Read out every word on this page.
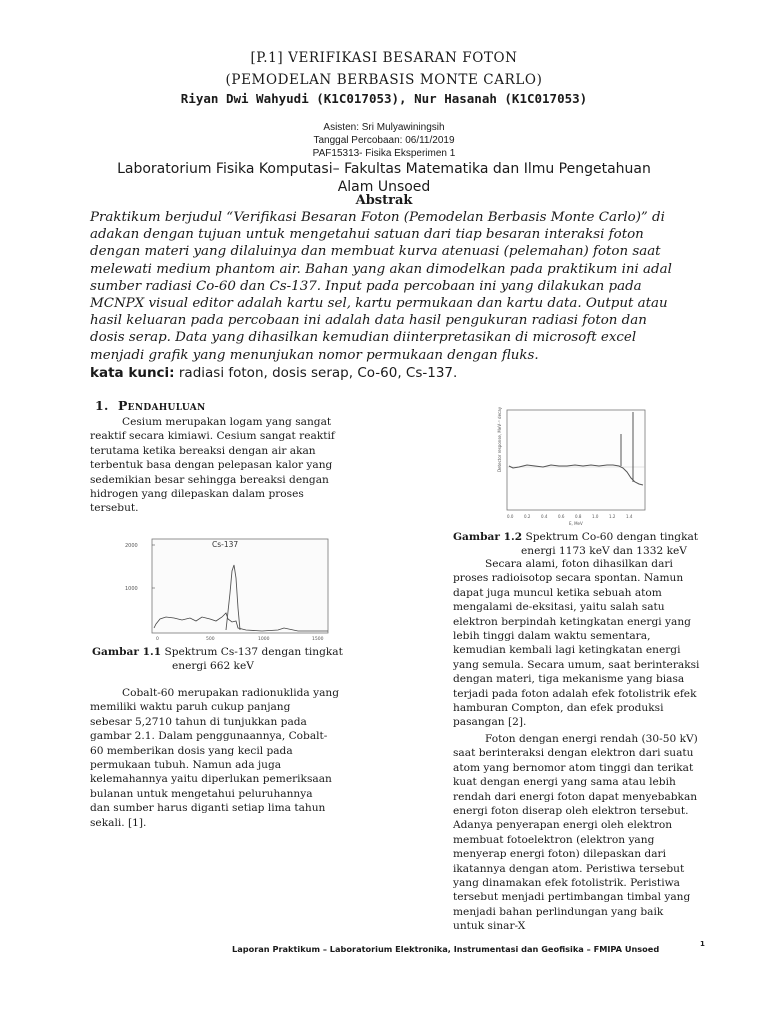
[P.1] VERIFIKASI BESARAN FOTON
(PEMODELAN BERBASIS MONTE CARLO)
Riyan Dwi Wahyudi (K1C017053), Nur Hasanah (K1C017053)
Asisten: Sri Mulyawiningsih
Tanggal Percobaan: 06/11/2019
PAF15313- Fisika Eksperimen 1
Laboratorium Fisika Komputasi– Fakultas Matematika dan Ilmu Pengetahuan
Alam Unsoed
Abstrak
Praktikum berjudul “Verifikasi Besaran Foton (Pemodelan Berbasis Monte Carlo)” di
adakan dengan tujuan untuk mengetahui satuan dari tiap besaran interaksi foton
dengan materi yang dilaluinya dan membuat kurva atenuasi (pelemahan) foton saat
melewati medium phantom air. Bahan yang akan dimodelkan pada praktikum ini adal
sumber radiasi Co-60 dan Cs-137. Input pada percobaan ini yang dilakukan pada
MCNPX visual editor adalah kartu sel, kartu permukaan dan kartu data. Output atau
hasil keluaran pada percobaan ini adalah data hasil pengukuran radiasi foton dan
dosis serap. Data yang dihasilkan kemudian diinterpretasikan di microsoft excel
menjadi grafik yang menunjukan nomor permukaan dengan fluks.
kata kunci: radiasi foton, dosis serap, Co-60, Cs-137.
1. Pendahuluan

Cesium merupakan logam yang sangat

reaktif secara kimiawi. Cesium sangat reaktif

terutama ketika bereaksi dengan air akan

terbentuk basa dengan pelepasan kalor yang

sedemikian besar sehingga bereaksi dengan

hidrogen yang dilepaskan dalam proses

tersebut.

Cs-137
2000
1000
0	500	1000	1500
Gambar 1.1 Spektrum Cs-137 dengan tingkat
energi 662 keV

Cobalt-60 merupakan radionuklida yang

memiliki waktu paruh cukup panjang

sebesar 5,2710 tahun di tunjukkan pada

gambar 2.1. Dalam penggunaannya, Cobalt-

60 memberikan dosis yang kecil pada

permukaan tubuh. Namun ada juga

kelemahannya yaitu diperlukan pemeriksaan

bulanan untuk mengetahui peluruhannya

dan sumber harus diganti setiap lima tahun

sekali. [1].

Detector response, MeV⁻¹ decay
0.0	0.2	0.4	0.6	0.8	1.0	1.2	1.4
E, MeV
Gambar 1.2 Spektrum Co-60 dengan tingkat
energi 1173 keV dan 1332 keV

Secara alami, foton dihasilkan dari

proses radioisotop secara spontan. Namun

dapat juga muncul ketika sebuah atom

mengalami de-eksitasi, yaitu salah satu

elektron berpindah ketingkatan energi yang

lebih tinggi dalam waktu sementara,

kemudian kembali lagi ketingkatan energi

yang semula. Secara umum, saat berinteraksi

dengan materi, tiga mekanisme yang biasa

terjadi pada foton adalah efek fotolistrik efek

hamburan Compton, dan efek produksi

pasangan [2].

Foton dengan energi rendah (30-50 kV)

saat berinteraksi dengan elektron dari suatu

atom yang bernomor atom tinggi dan terikat

kuat dengan energi yang sama atau lebih

rendah dari energi foton dapat menyebabkan

energi foton diserap oleh elektron tersebut.

Adanya penyerapan energi oleh elektron

membuat fotoelektron (elektron yang

menyerap energi foton) dilepaskan dari

ikatannya dengan atom. Peristiwa tersebut

yang dinamakan efek fotolistrik. Peristiwa

tersebut menjadi pertimbangan timbal yang

menjadi bahan perlindungan yang baik

untuk sinar-X

Laporan Praktikum – Laboratorium Elektronika, Instrumentasi dan Geofisika – FMIPA Unsoed	1
